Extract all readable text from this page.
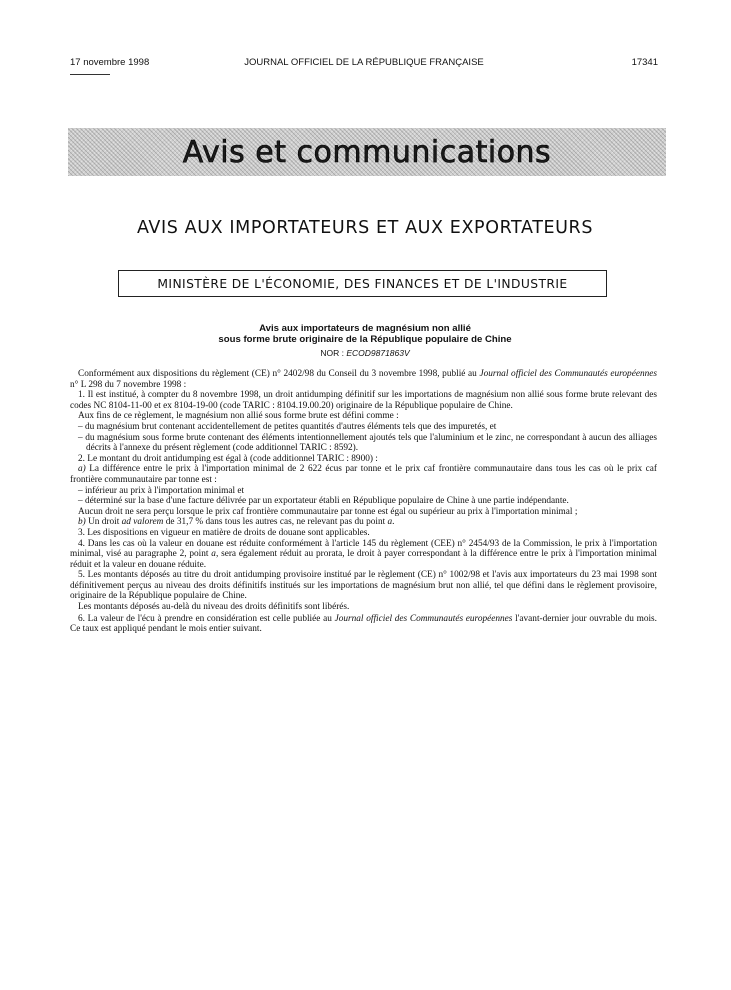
17 novembre 1998	JOURNAL OFFICIEL DE LA RÉPUBLIQUE FRANÇAISE	17341
Avis et communications
AVIS AUX IMPORTATEURS ET AUX EXPORTATEURS
MINISTÈRE DE L'ÉCONOMIE, DES FINANCES ET DE L'INDUSTRIE
Avis aux importateurs de magnésium non allié
sous forme brute originaire de la République populaire de Chine
NOR : ECOD9871863V

Conformément aux dispositions du règlement (CE) n° 2402/98 du Conseil du 3 novembre 1998, publié au Journal officiel des Communautés européennes n° L 298 du 7 novembre 1998 :

1. Il est institué, à compter du 8 novembre 1998, un droit antidumping définitif sur les importations de magnésium non allié sous forme brute relevant des codes NC 8104-11-00 et ex 8104-19-00 (code TARIC : 8104.19.00.20) originaire de la République populaire de Chine.

Aux fins de ce règlement, le magnésium non allié sous forme brute est défini comme :

– du magnésium brut contenant accidentellement de petites quantités d'autres éléments tels que des impuretés, et

– du magnésium sous forme brute contenant des éléments intentionnellement ajoutés tels que l'aluminium et le zinc, ne correspondant à aucun des alliages décrits à l'annexe du présent règlement (code additionnel TARIC : 8592).

2. Le montant du droit antidumping est égal à (code additionnel TARIC : 8900) :

a) La différence entre le prix à l'importation minimal de 2 622 écus par tonne et le prix caf frontière communautaire dans tous les cas où le prix caf frontière communautaire par tonne est :

– inférieur au prix à l'importation minimal et

– déterminé sur la base d'une facture délivrée par un exportateur établi en République populaire de Chine à une partie indépendante.

Aucun droit ne sera perçu lorsque le prix caf frontière communautaire par tonne est égal ou supérieur au prix à l'importation minimal ;

b) Un droit ad valorem de 31,7 % dans tous les autres cas, ne relevant pas du point a.

3. Les dispositions en vigueur en matière de droits de douane sont applicables.

4. Dans les cas où la valeur en douane est réduite conformément à l'article 145 du règlement (CEE) n° 2454/93 de la Commission, le prix à l'importation minimal, visé au paragraphe 2, point a, sera également réduit au prorata, le droit à payer correspondant à la différence entre le prix à l'importation minimal réduit et la valeur en douane réduite.

5. Les montants déposés au titre du droit antidumping provisoire institué par le règlement (CE) n° 1002/98 et l'avis aux importateurs du 23 mai 1998 sont définitivement perçus au niveau des droits définitifs institués sur les importations de magnésium brut non allié, tel que défini dans le règlement provisoire, originaire de la République populaire de Chine.

Les montants déposés au-delà du niveau des droits définitifs sont libérés.

6. La valeur de l'écu à prendre en considération est celle publiée au Journal officiel des Communautés européennes l'avant-dernier jour ouvrable du mois. Ce taux est appliqué pendant le mois entier suivant.
